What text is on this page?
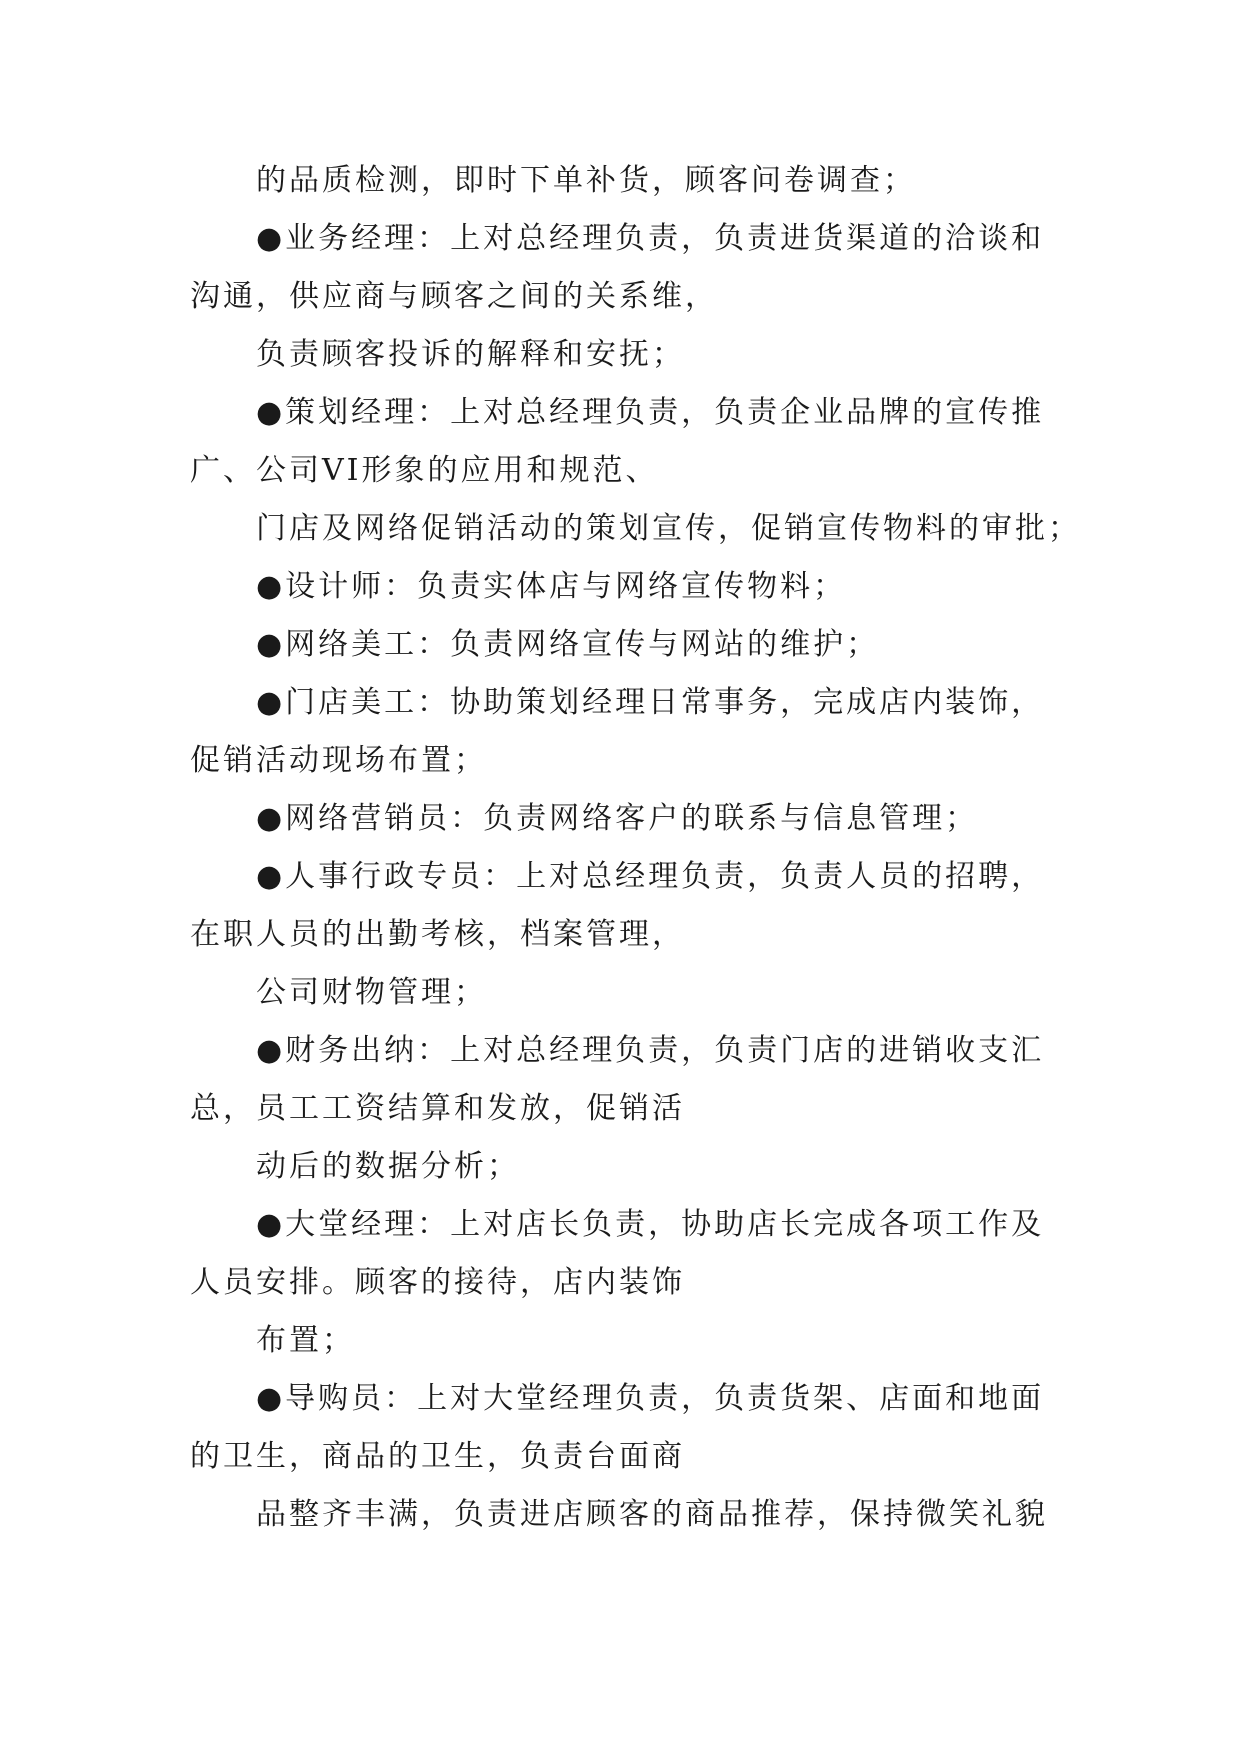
的品质检测，即时下单补货，顾客问卷调查；
●业务经理：上对总经理负责，负责进货渠道的洽谈和
沟通，供应商与顾客之间的关系维，
负责顾客投诉的解释和安抚；
●策划经理：上对总经理负责，负责企业品牌的宣传推
广、公司VI形象的应用和规范、
门店及网络促销活动的策划宣传，促销宣传物料的审批；
●设计师：负责实体店与网络宣传物料；
●网络美工：负责网络宣传与网站的维护；
●门店美工：协助策划经理日常事务，完成店内装饰，
促销活动现场布置；
●网络营销员：负责网络客户的联系与信息管理；
●人事行政专员：上对总经理负责，负责人员的招聘，
在职人员的出勤考核，档案管理，
公司财物管理；
●财务出纳：上对总经理负责，负责门店的进销收支汇
总，员工工资结算和发放，促销活
动后的数据分析；
●大堂经理：上对店长负责，协助店长完成各项工作及
人员安排。顾客的接待，店内装饰
布置；
●导购员：上对大堂经理负责，负责货架、店面和地面
的卫生，商品的卫生，负责台面商
品整齐丰满，负责进店顾客的商品推荐，保持微笑礼貌
